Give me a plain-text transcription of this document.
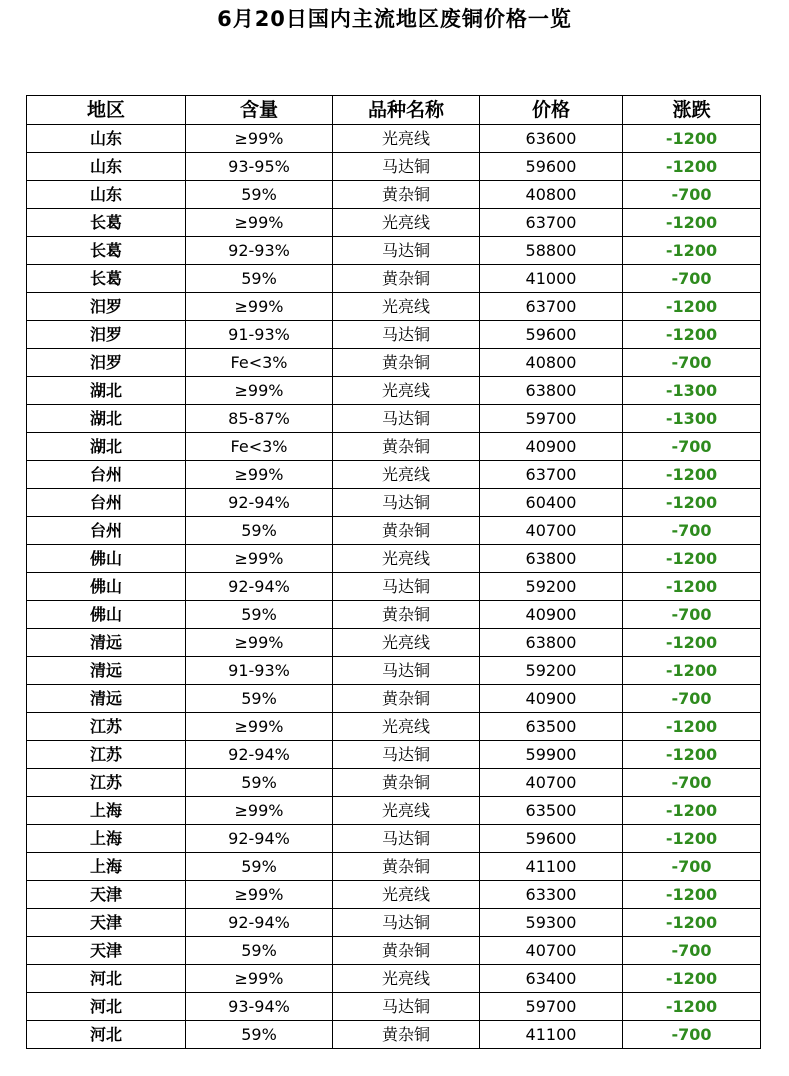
6月20日国内主流地区废铜价格一览
地区	含量	品种名称	价格	涨跌
山东	≥99%	光亮线	63600	-1200
山东	93-95%	马达铜	59600	-1200
山东	59%	黄杂铜	40800	-700
长葛	≥99%	光亮线	63700	-1200
长葛	92-93%	马达铜	58800	-1200
长葛	59%	黄杂铜	41000	-700
汨罗	≥99%	光亮线	63700	-1200
汨罗	91-93%	马达铜	59600	-1200
汨罗	Fe<3%	黄杂铜	40800	-700
湖北	≥99%	光亮线	63800	-1300
湖北	85-87%	马达铜	59700	-1300
湖北	Fe<3%	黄杂铜	40900	-700
台州	≥99%	光亮线	63700	-1200
台州	92-94%	马达铜	60400	-1200
台州	59%	黄杂铜	40700	-700
佛山	≥99%	光亮线	63800	-1200
佛山	92-94%	马达铜	59200	-1200
佛山	59%	黄杂铜	40900	-700
清远	≥99%	光亮线	63800	-1200
清远	91-93%	马达铜	59200	-1200
清远	59%	黄杂铜	40900	-700
江苏	≥99%	光亮线	63500	-1200
江苏	92-94%	马达铜	59900	-1200
江苏	59%	黄杂铜	40700	-700
上海	≥99%	光亮线	63500	-1200
上海	92-94%	马达铜	59600	-1200
上海	59%	黄杂铜	41100	-700
天津	≥99%	光亮线	63300	-1200
天津	92-94%	马达铜	59300	-1200
天津	59%	黄杂铜	40700	-700
河北	≥99%	光亮线	63400	-1200
河北	93-94%	马达铜	59700	-1200
河北	59%	黄杂铜	41100	-700
